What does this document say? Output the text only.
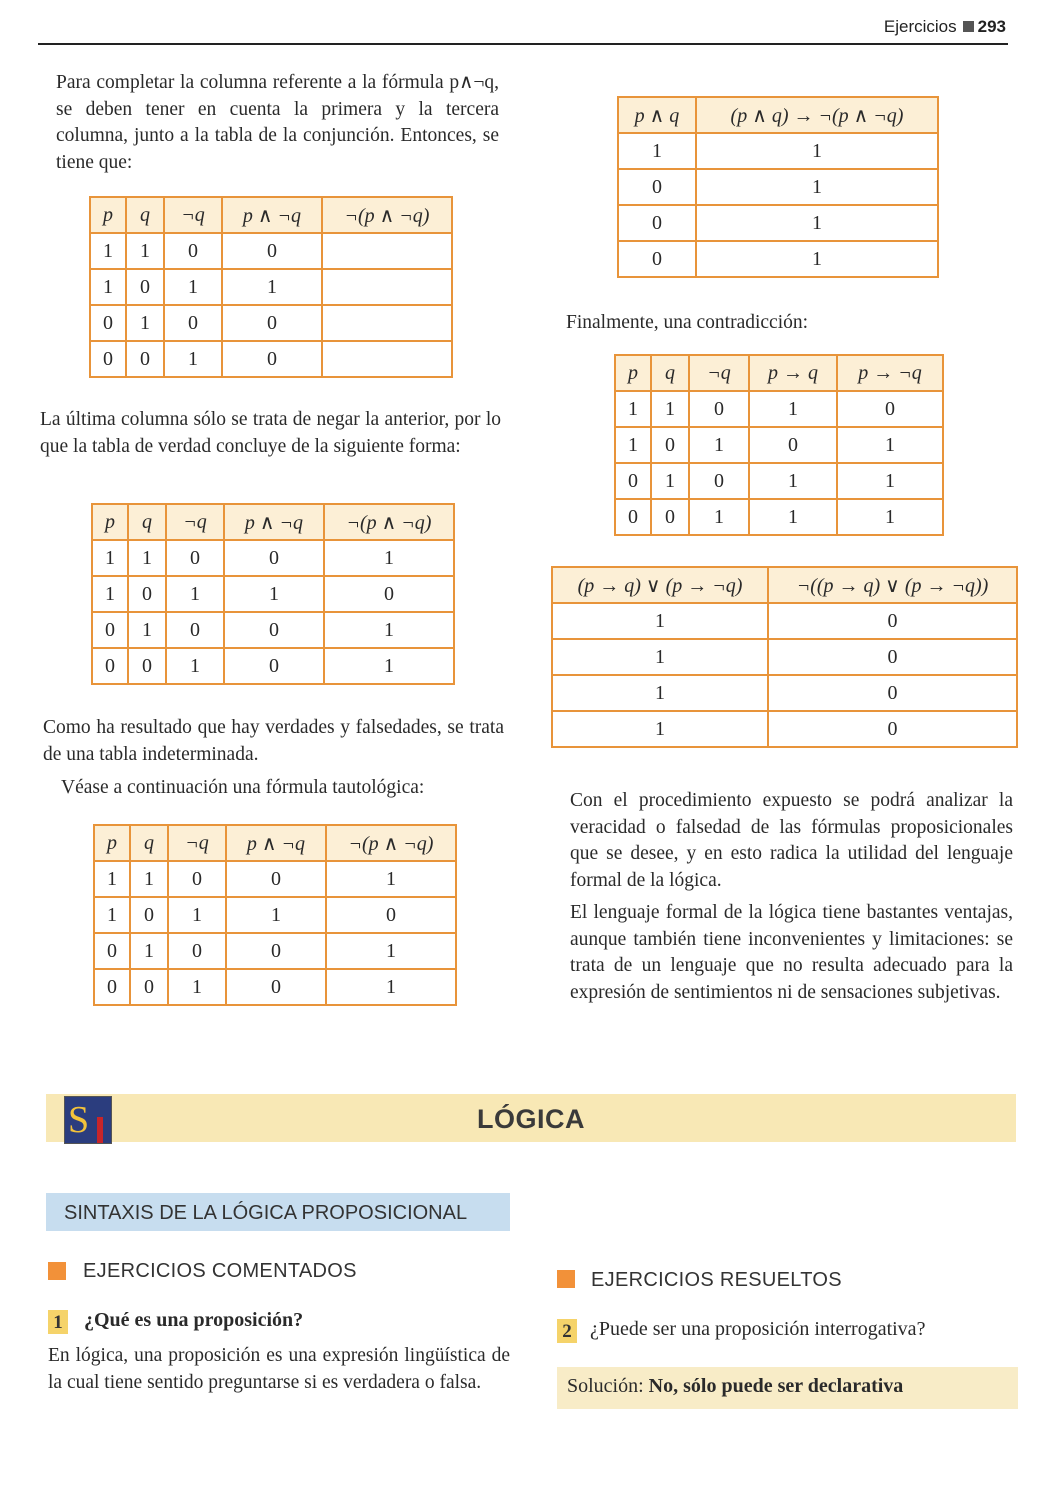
Ejercicios 293
Para completar la columna referente a la fórmula p∧¬q, se deben tener en cuenta la primera y la tercera columna, junto a la tabla de la conjunción. Entonces, se tiene que:
p	q	¬q	p ∧ ¬q	¬(p ∧ ¬q)
1	1	0	0	
1	0	1	1	
0	1	0	0	
0	0	1	0	
La última columna sólo se trata de negar la anterior, por lo que la tabla de verdad concluye de la siguiente forma:
p	q	¬q	p ∧ ¬q	¬(p ∧ ¬q)
1	1	0	0	1
1	0	1	1	0
0	1	0	0	1
0	0	1	0	1
Como ha resultado que hay verdades y falsedades, se trata de una tabla indeterminada.
Véase a continuación una fórmula tautológica:
p	q	¬q	p ∧ ¬q	¬(p ∧ ¬q)
1	1	0	0	1
1	0	1	1	0
0	1	0	0	1
0	0	1	0	1
p ∧ q	(p ∧ q) → ¬(p ∧ ¬q)
1	1
0	1
0	1
0	1
Finalmente, una contradicción:
p	q	¬q	p → q	p → ¬q
1	1	0	1	0
1	0	1	0	1
0	1	0	1	1
0	0	1	1	1
(p → q) ∨ (p → ¬q)	¬((p → q) ∨ (p → ¬q))
1	0
1	0
1	0
1	0
Con el procedimiento expuesto se podrá analizar la veracidad o falsedad de las fórmulas proposicionales que se desee, y en esto radica la utilidad del lenguaje formal de la lógica.
El lenguaje formal de la lógica tiene bastantes ventajas, aunque también tiene inconvenientes y limitaciones: se trata de un lenguaje que no resulta adecuado para la expresión de sentimientos ni de sensaciones subjetivas.
S	LÓGICA
SINTAXIS DE LA LÓGICA PROPOSICIONAL
EJERCICIOS COMENTADOS
1 ¿Qué es una proposición?
En lógica, una proposición es una expresión lingüística de la cual tiene sentido preguntarse si es verdadera o falsa.
EJERCICIOS RESUELTOS
2 ¿Puede ser una proposición interrogativa?
Solución: No, sólo puede ser declarativa
